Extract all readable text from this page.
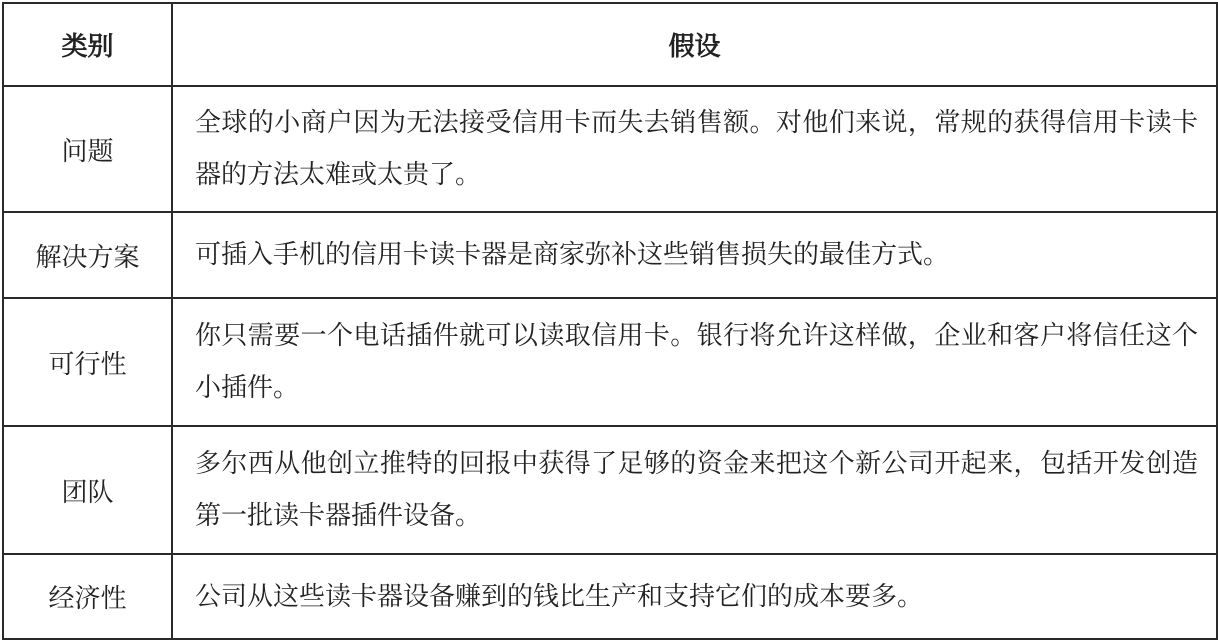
类别	假设
问题	全球的小商户因为无法接受信用卡而失去销售额。对他们来说，常规的获得信用卡读卡器的方法太难或太贵了。
解决方案	可插入手机的信用卡读卡器是商家弥补这些销售损失的最佳方式。
可行性	你只需要一个电话插件就可以读取信用卡。银行将允许这样做，企业和客户将信任这个小插件。
团队	多尔西从他创立推特的回报中获得了足够的资金来把这个新公司开起来，包括开发创造第一批读卡器插件设备。
经济性	公司从这些读卡器设备赚到的钱比生产和支持它们的成本要多。
